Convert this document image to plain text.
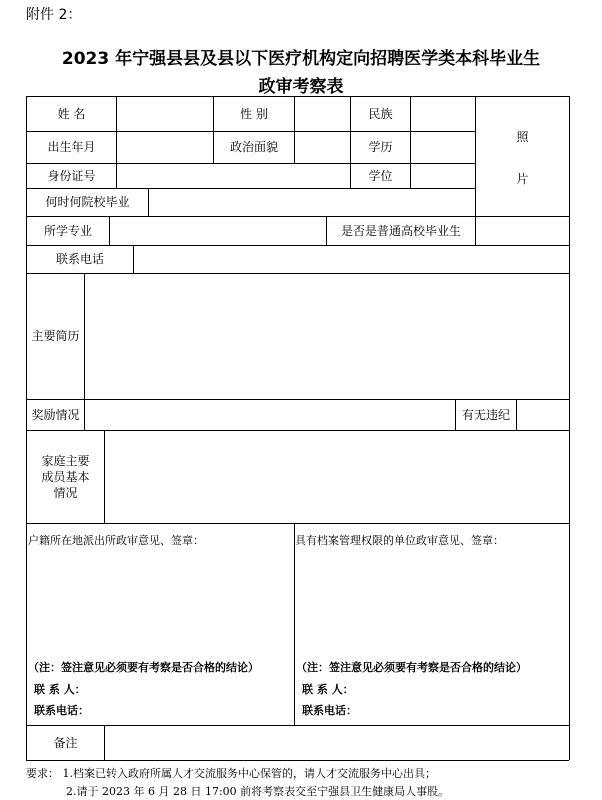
附件 2：
2023 年宁强县县及县以下医疗机构定向招聘医学类本科毕业生
政审考察表
姓 名	性 别	民族
照
片
出生年月	政治面貌	学历
身份证号	学位
何时何院校毕业
所学专业	是否是普通高校毕业生
联系电话
主要简历
奖励情况	有无违纪
家庭主要
成员基本
情况
户籍所在地派出所政审意见、签章：
（注：签注意见必须要有考察是否合格的结论）
联 系 人：
联系电话：
具有档案管理权限的单位政审意见、签章：
（注：签注意见必须要有考察是否合格的结论）
联 系 人：
联系电话：
备注
要求： 1.档案已转入政府所属人才交流服务中心保管的，请人才交流服务中心出具；
2.请于 2023 年 6 月 28 日 17:00 前将考察表交至宁强县卫生健康局人事股。
